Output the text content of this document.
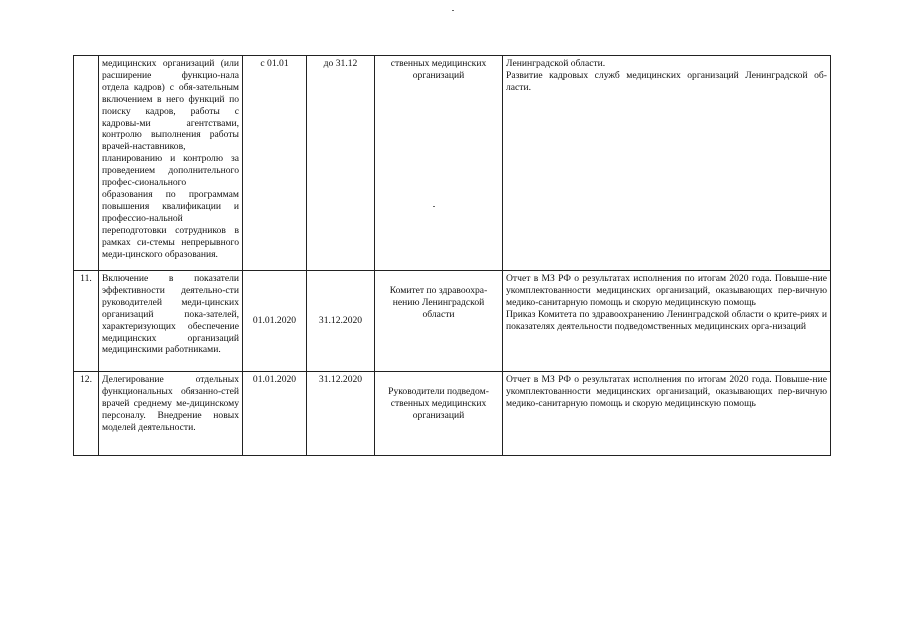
	медицинских организаций (или расширение функцио-нала отдела кадров) с обя-зательным включением в него функций по поиску кадров, работы с кадровы-ми агентствами, контролю выполнения работы врачей-наставников, планированию и контролю за проведением дополнительного профес-сионального образования по программам повышения квалификации и профессио-нальной переподготовки сотрудников в рамках си-стемы непрерывного меди-цинского образования.	с 01.01	до 31.12	ственных медицинских организаций	Ленинградской области.
Развитие кадровых служб медицинских организаций Ленинградской об-ласти.

11.	Включение в показатели эффективности деятельно-сти руководителей меди-цинских организаций пока-зателей, характеризующих обеспечение медицинских организаций медицинскими работниками.	01.01.2020	31.12.2020	Комитет по здравоохра-нению Ленинградской области	Отчет в МЗ РФ о результатах исполнения по итогам 2020 года. Повыше-ние укомплектованности медицинских организаций, оказывающих пер-вичную медико-санитарную помощь и скорую медицинскую помощь
Приказ Комитета по здравоохранению Ленинградской области о крите-риях и показателях деятельности подведомственных медицинских орга-низаций

12.	Делегирование отдельных функциональных обязанно-стей врачей среднему ме-дицинскому персоналу. Внедрение новых моделей деятельности.	01.01.2020	31.12.2020	Руководители подведом-ственных медицинских организаций	Отчет в МЗ РФ о результатах исполнения по итогам 2020 года. Повыше-ние укомплектованности медицинских организаций, оказывающих пер-вичную медико-санитарную помощь и скорую медицинскую помощь
